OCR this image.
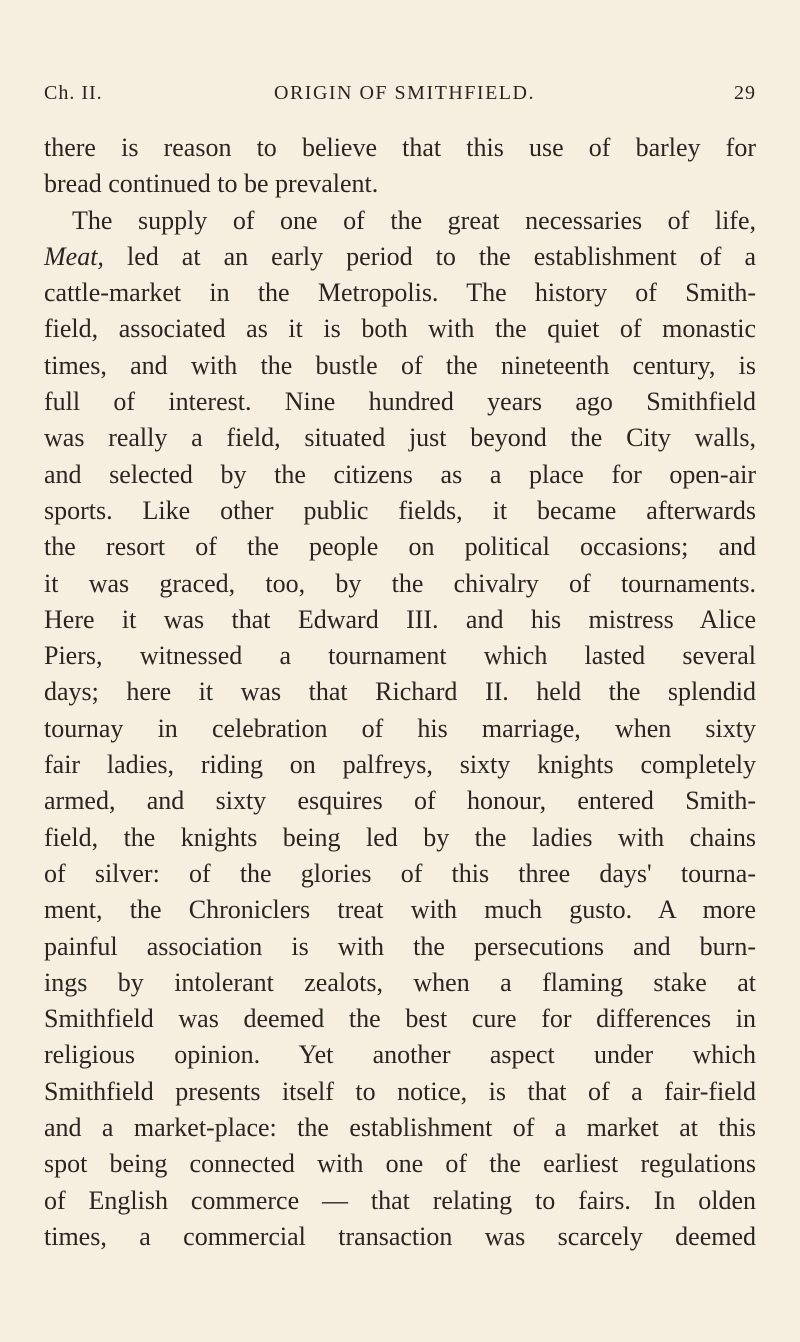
Ch. II.	ORIGIN OF SMITHFIELD.	29
there is reason to believe that this use of barley for
bread continued to be prevalent.
The supply of one of the great necessaries of life,
Meat, led at an early period to the establishment of a
cattle-market in the Metropolis. The history of Smith-
field, associated as it is both with the quiet of monastic
times, and with the bustle of the nineteenth century, is
full of interest. Nine hundred years ago Smithfield
was really a field, situated just beyond the City walls,
and selected by the citizens as a place for open-air
sports. Like other public fields, it became afterwards
the resort of the people on political occasions; and
it was graced, too, by the chivalry of tournaments.
Here it was that Edward III. and his mistress Alice
Piers, witnessed a tournament which lasted several
days; here it was that Richard II. held the splendid
tournay in celebration of his marriage, when sixty
fair ladies, riding on palfreys, sixty knights completely
armed, and sixty esquires of honour, entered Smith-
field, the knights being led by the ladies with chains
of silver: of the glories of this three days' tourna-
ment, the Chroniclers treat with much gusto. A more
painful association is with the persecutions and burn-
ings by intolerant zealots, when a flaming stake at
Smithfield was deemed the best cure for differences in
religious opinion. Yet another aspect under which
Smithfield presents itself to notice, is that of a fair-field
and a market-place: the establishment of a market at this
spot being connected with one of the earliest regulations
of English commerce — that relating to fairs. In olden
times, a commercial transaction was scarcely deemed
